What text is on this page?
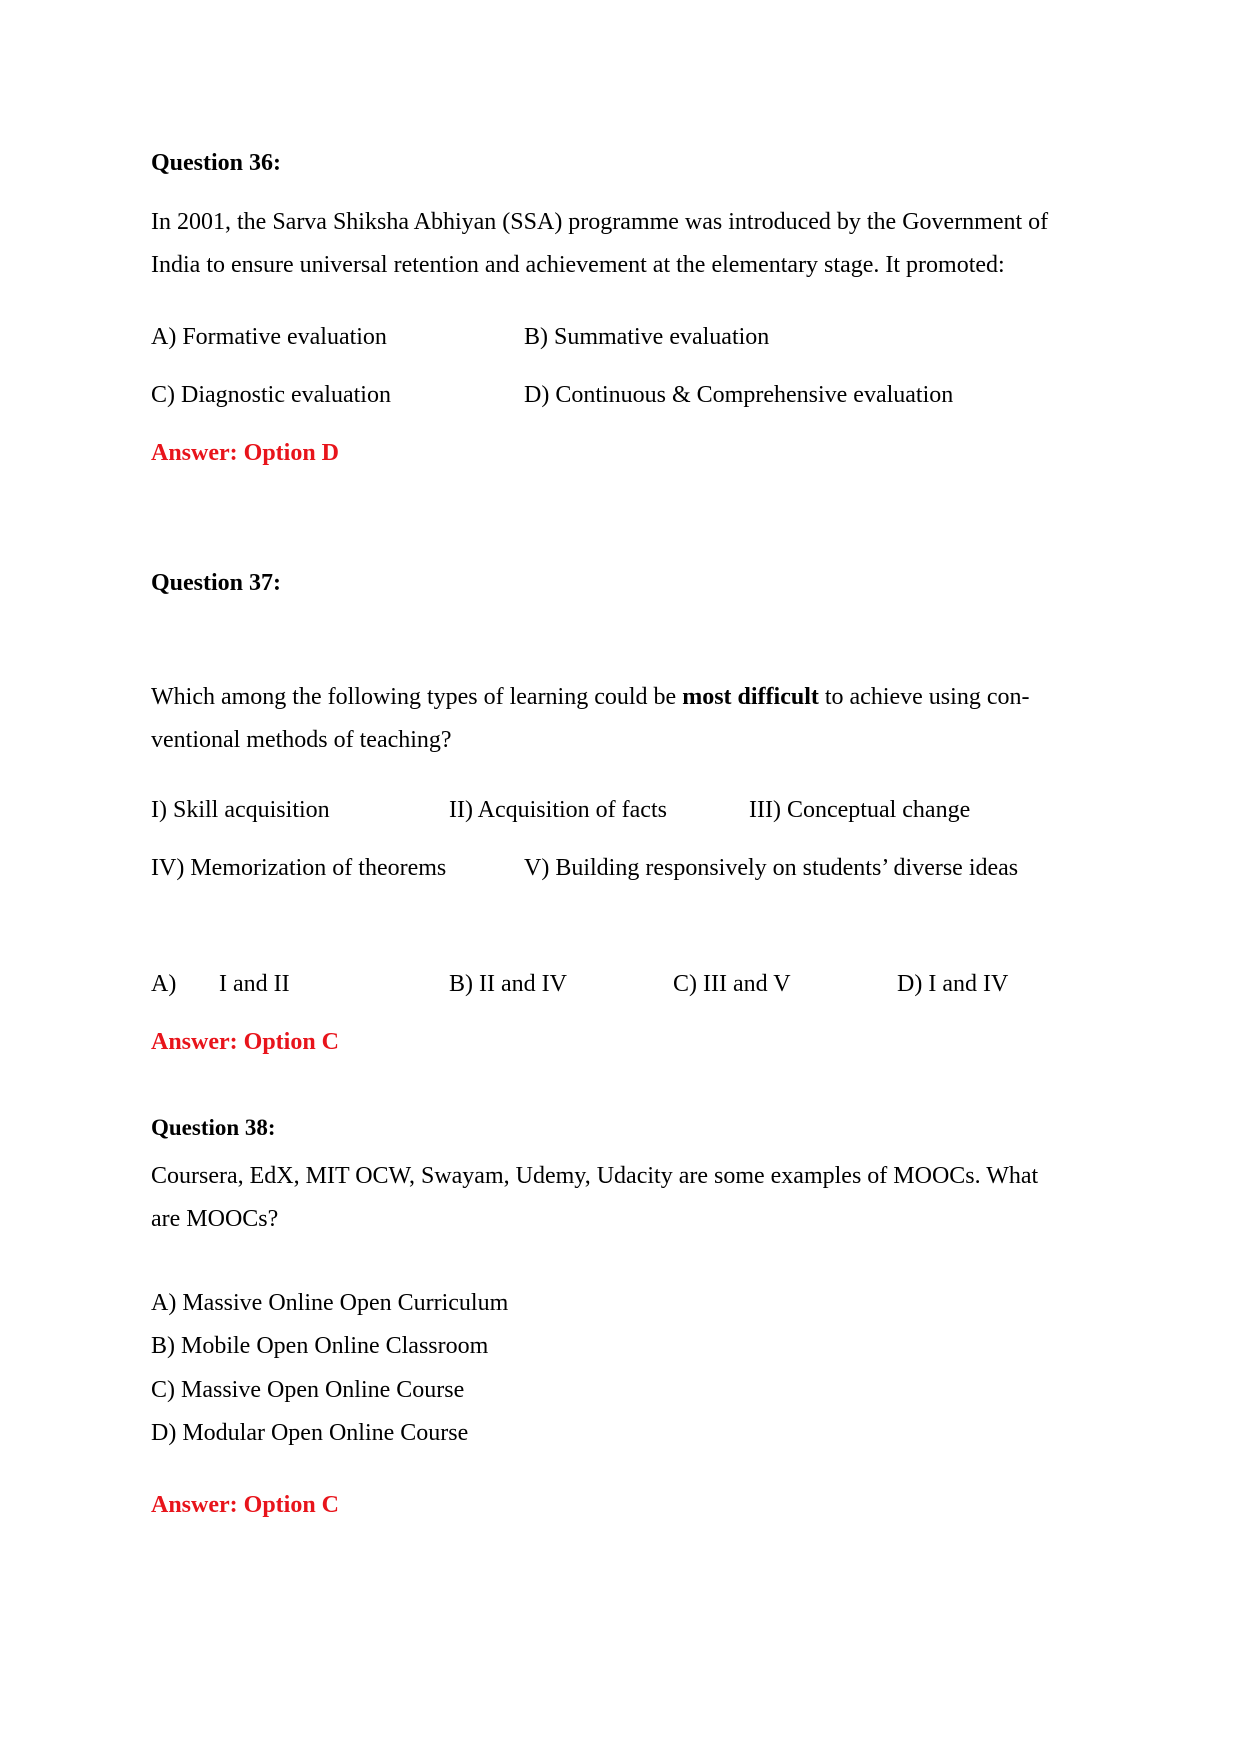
Question 36:
In 2001, the Sarva Shiksha Abhiyan (SSA) programme was introduced by the Government of
India to ensure universal retention and achievement at the elementary stage. It promoted:
A) Formative evaluation	B) Summative evaluation
C) Diagnostic evaluation	D) Continuous & Comprehensive evaluation
Answer: Option D
Question 37:
Which among the following types of learning could be most difficult to achieve using con-
ventional methods of teaching?
I) Skill acquisition	II) Acquisition of facts	III) Conceptual change
IV) Memorization of theorems	V) Building responsively on students’ diverse ideas
A) I and II	B) II and IV	C) III and V	D) I and IV
Answer: Option C
Question 38:
Coursera, EdX, MIT OCW, Swayam, Udemy, Udacity are some examples of MOOCs. What
are MOOCs?
A) Massive Online Open Curriculum
B) Mobile Open Online Classroom
C) Massive Open Online Course
D) Modular Open Online Course
Answer: Option C
